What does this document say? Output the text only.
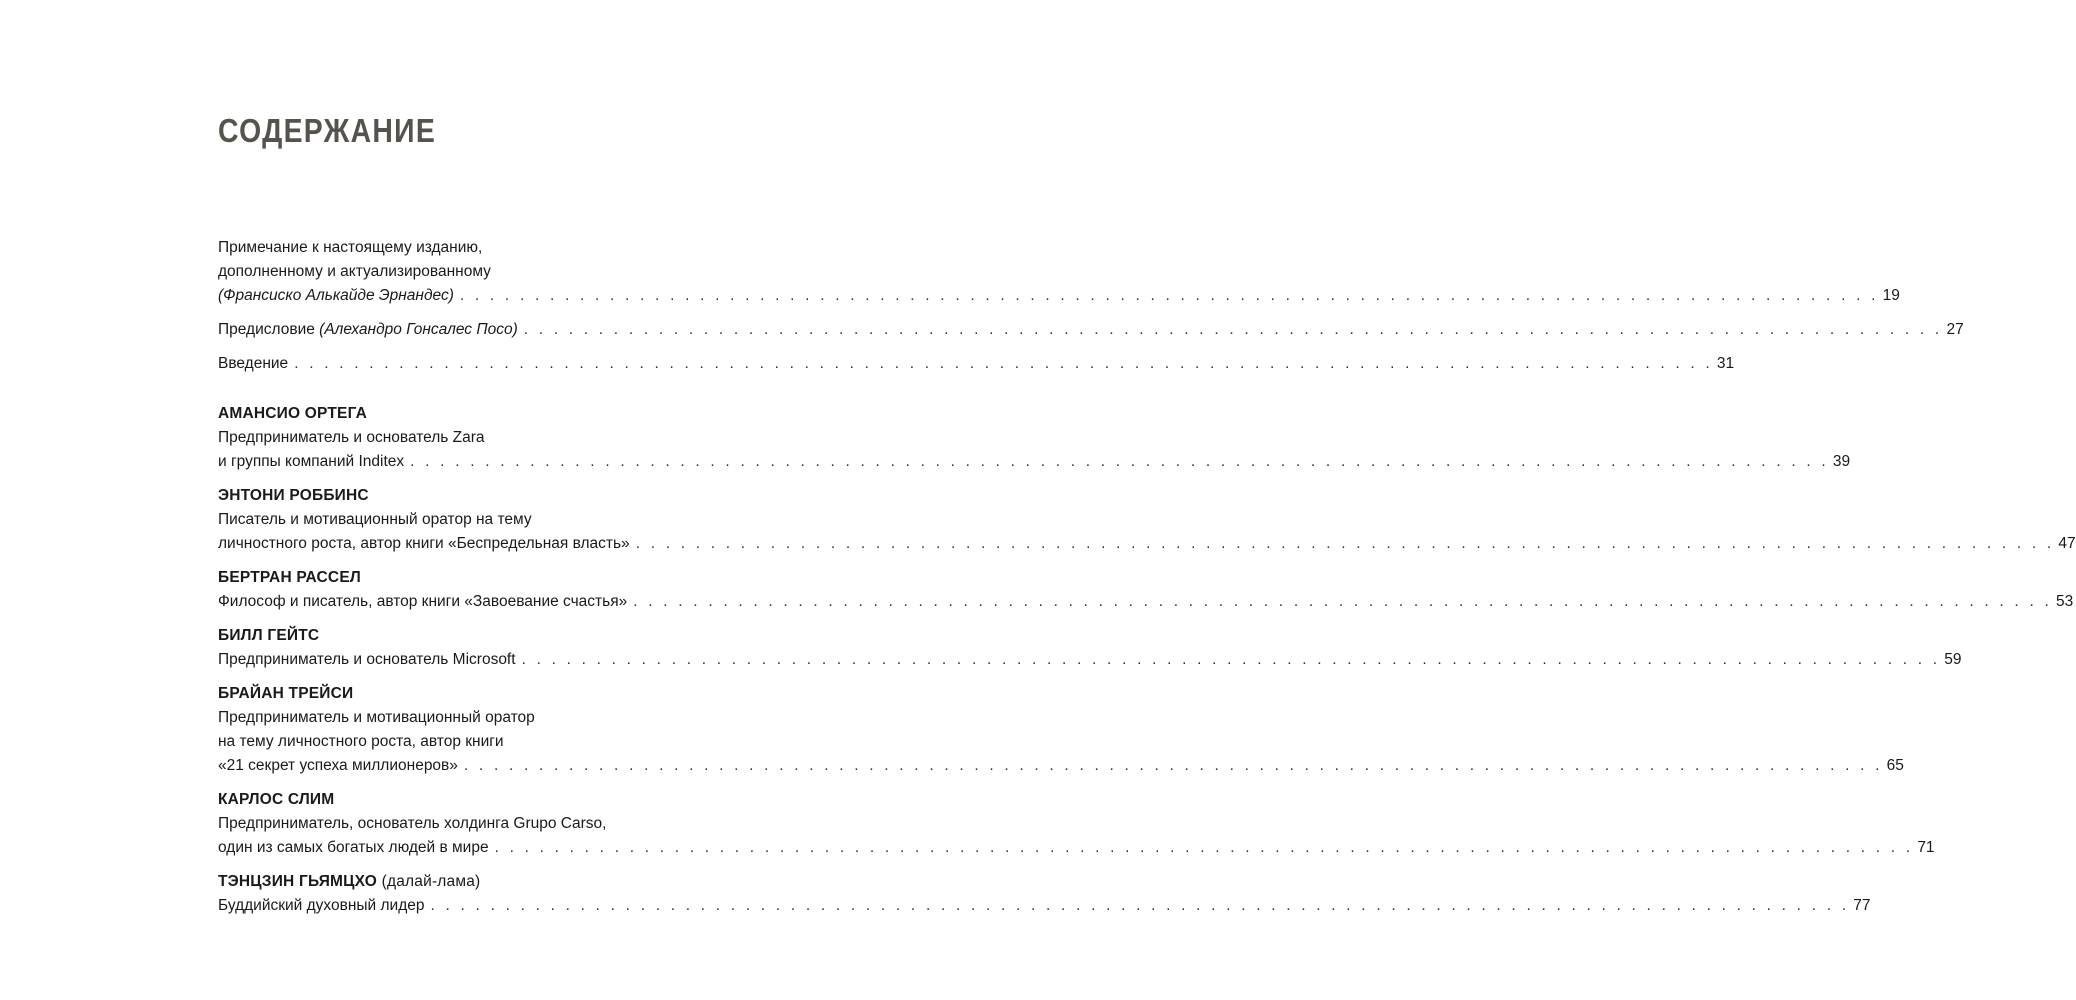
СОДЕРЖАНИЕ
Примечание к настоящему изданию,
дополненному и актуализированному
(Франсиско Алькайде Эрнандес) . . . . . . . . . . . . . . . . . . . . . . . . . . . . . . . . . . . . . . . . . . . . . . . . . . . . . . . . . . . . . . . . . . . . . . . . . . . . . . . . . . . . . . . . . . . . . . . 19
Предисловие (Алехандро Гонсалес Посо) . . . . . . . . . . . . . . . . . . . . . . . . . . . . . . . . . . . . . . . . . . . . . . . . . . . . . . . . . . . . . . . . . . . . . . . . . . . . . . . . . . . . . . . . . . . . . . . 27
Введение . . . . . . . . . . . . . . . . . . . . . . . . . . . . . . . . . . . . . . . . . . . . . . . . . . . . . . . . . . . . . . . . . . . . . . . . . . . . . . . . . . . . . . . . . . . . . . . 31
АМАНСИО ОРТЕГА
Предприниматель и основатель Zara
и группы компаний Inditex . . . . . . . . . . . . . . . . . . . . . . . . . . . . . . . . . . . . . . . . . . . . . . . . . . . . . . . . . . . . . . . . . . . . . . . . . . . . . . . . . . . . . . . . . . . . . . . 39
ЭНТОНИ РОББИНС
Писатель и мотивационный оратор на тему
личностного роста, автор книги «Беспредельная власть» . . . . . . . . . . . . . . . . . . . . . . . . . . . . . . . . . . . . . . . . . . . . . . . . . . . . . . . . . . . . . . . . . . . . . . . . . . . . . . . . . . . . . . . . . . . . . . . 47
БЕРТРАН РАССЕЛ
Философ и писатель, автор книги «Завоевание счастья» . . . . . . . . . . . . . . . . . . . . . . . . . . . . . . . . . . . . . . . . . . . . . . . . . . . . . . . . . . . . . . . . . . . . . . . . . . . . . . . . . . . . . . . . . . . . . . . 53
БИЛЛ ГЕЙТС
Предприниматель и основатель Microsoft . . . . . . . . . . . . . . . . . . . . . . . . . . . . . . . . . . . . . . . . . . . . . . . . . . . . . . . . . . . . . . . . . . . . . . . . . . . . . . . . . . . . . . . . . . . . . . . 59
БРАЙАН ТРЕЙСИ
Предприниматель и мотивационный оратор
на тему личностного роста, автор книги
«21 секрет успеха миллионеров» . . . . . . . . . . . . . . . . . . . . . . . . . . . . . . . . . . . . . . . . . . . . . . . . . . . . . . . . . . . . . . . . . . . . . . . . . . . . . . . . . . . . . . . . . . . . . . . 65
КАРЛОС СЛИМ
Предприниматель, основатель холдинга Grupo Carso,
один из самых богатых людей в мире . . . . . . . . . . . . . . . . . . . . . . . . . . . . . . . . . . . . . . . . . . . . . . . . . . . . . . . . . . . . . . . . . . . . . . . . . . . . . . . . . . . . . . . . . . . . . . . 71
ТЭНЦЗИН ГЬЯМЦХО (далай-лама)
Буддийский духовный лидер . . . . . . . . . . . . . . . . . . . . . . . . . . . . . . . . . . . . . . . . . . . . . . . . . . . . . . . . . . . . . . . . . . . . . . . . . . . . . . . . . . . . . . . . . . . . . . . 77
